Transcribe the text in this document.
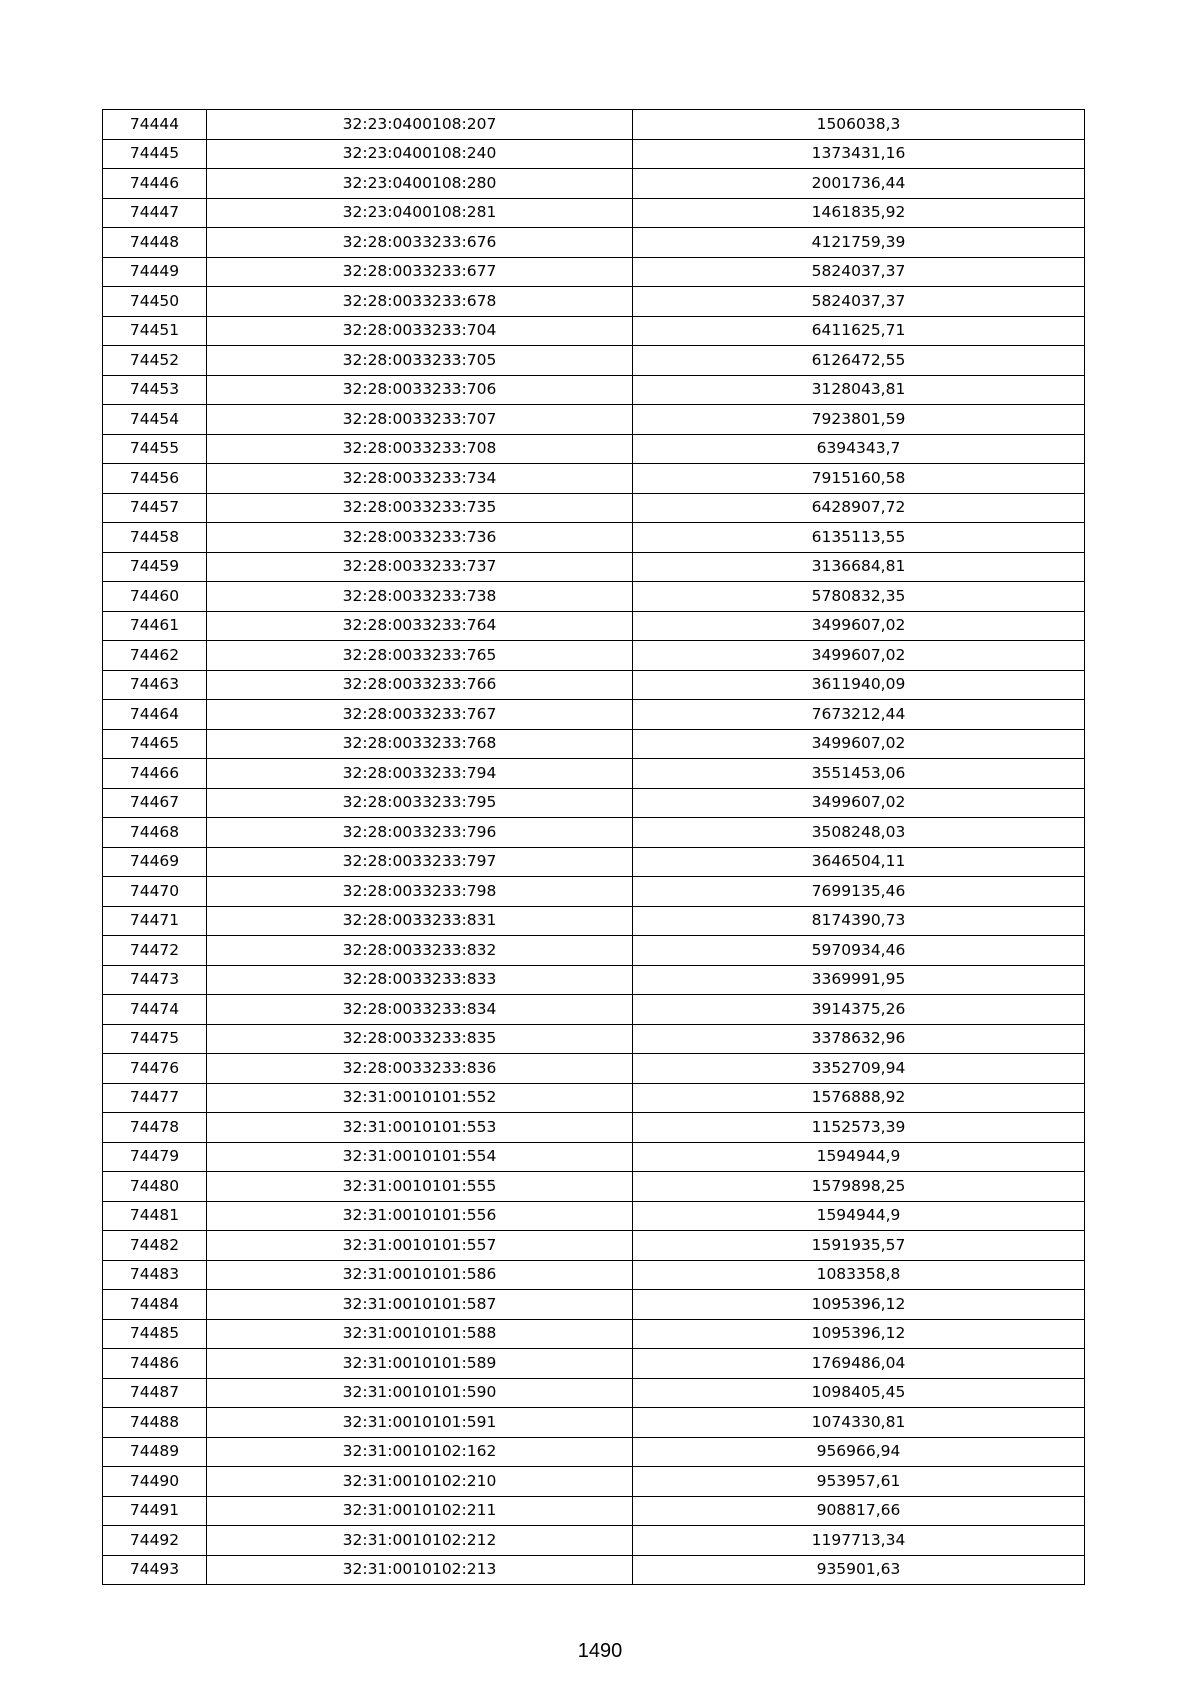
74444	32:23:0400108:207	1506038,3
74445	32:23:0400108:240	1373431,16
74446	32:23:0400108:280	2001736,44
74447	32:23:0400108:281	1461835,92
74448	32:28:0033233:676	4121759,39
74449	32:28:0033233:677	5824037,37
74450	32:28:0033233:678	5824037,37
74451	32:28:0033233:704	6411625,71
74452	32:28:0033233:705	6126472,55
74453	32:28:0033233:706	3128043,81
74454	32:28:0033233:707	7923801,59
74455	32:28:0033233:708	6394343,7
74456	32:28:0033233:734	7915160,58
74457	32:28:0033233:735	6428907,72
74458	32:28:0033233:736	6135113,55
74459	32:28:0033233:737	3136684,81
74460	32:28:0033233:738	5780832,35
74461	32:28:0033233:764	3499607,02
74462	32:28:0033233:765	3499607,02
74463	32:28:0033233:766	3611940,09
74464	32:28:0033233:767	7673212,44
74465	32:28:0033233:768	3499607,02
74466	32:28:0033233:794	3551453,06
74467	32:28:0033233:795	3499607,02
74468	32:28:0033233:796	3508248,03
74469	32:28:0033233:797	3646504,11
74470	32:28:0033233:798	7699135,46
74471	32:28:0033233:831	8174390,73
74472	32:28:0033233:832	5970934,46
74473	32:28:0033233:833	3369991,95
74474	32:28:0033233:834	3914375,26
74475	32:28:0033233:835	3378632,96
74476	32:28:0033233:836	3352709,94
74477	32:31:0010101:552	1576888,92
74478	32:31:0010101:553	1152573,39
74479	32:31:0010101:554	1594944,9
74480	32:31:0010101:555	1579898,25
74481	32:31:0010101:556	1594944,9
74482	32:31:0010101:557	1591935,57
74483	32:31:0010101:586	1083358,8
74484	32:31:0010101:587	1095396,12
74485	32:31:0010101:588	1095396,12
74486	32:31:0010101:589	1769486,04
74487	32:31:0010101:590	1098405,45
74488	32:31:0010101:591	1074330,81
74489	32:31:0010102:162	956966,94
74490	32:31:0010102:210	953957,61
74491	32:31:0010102:211	908817,66
74492	32:31:0010102:212	1197713,34
74493	32:31:0010102:213	935901,63
1490
